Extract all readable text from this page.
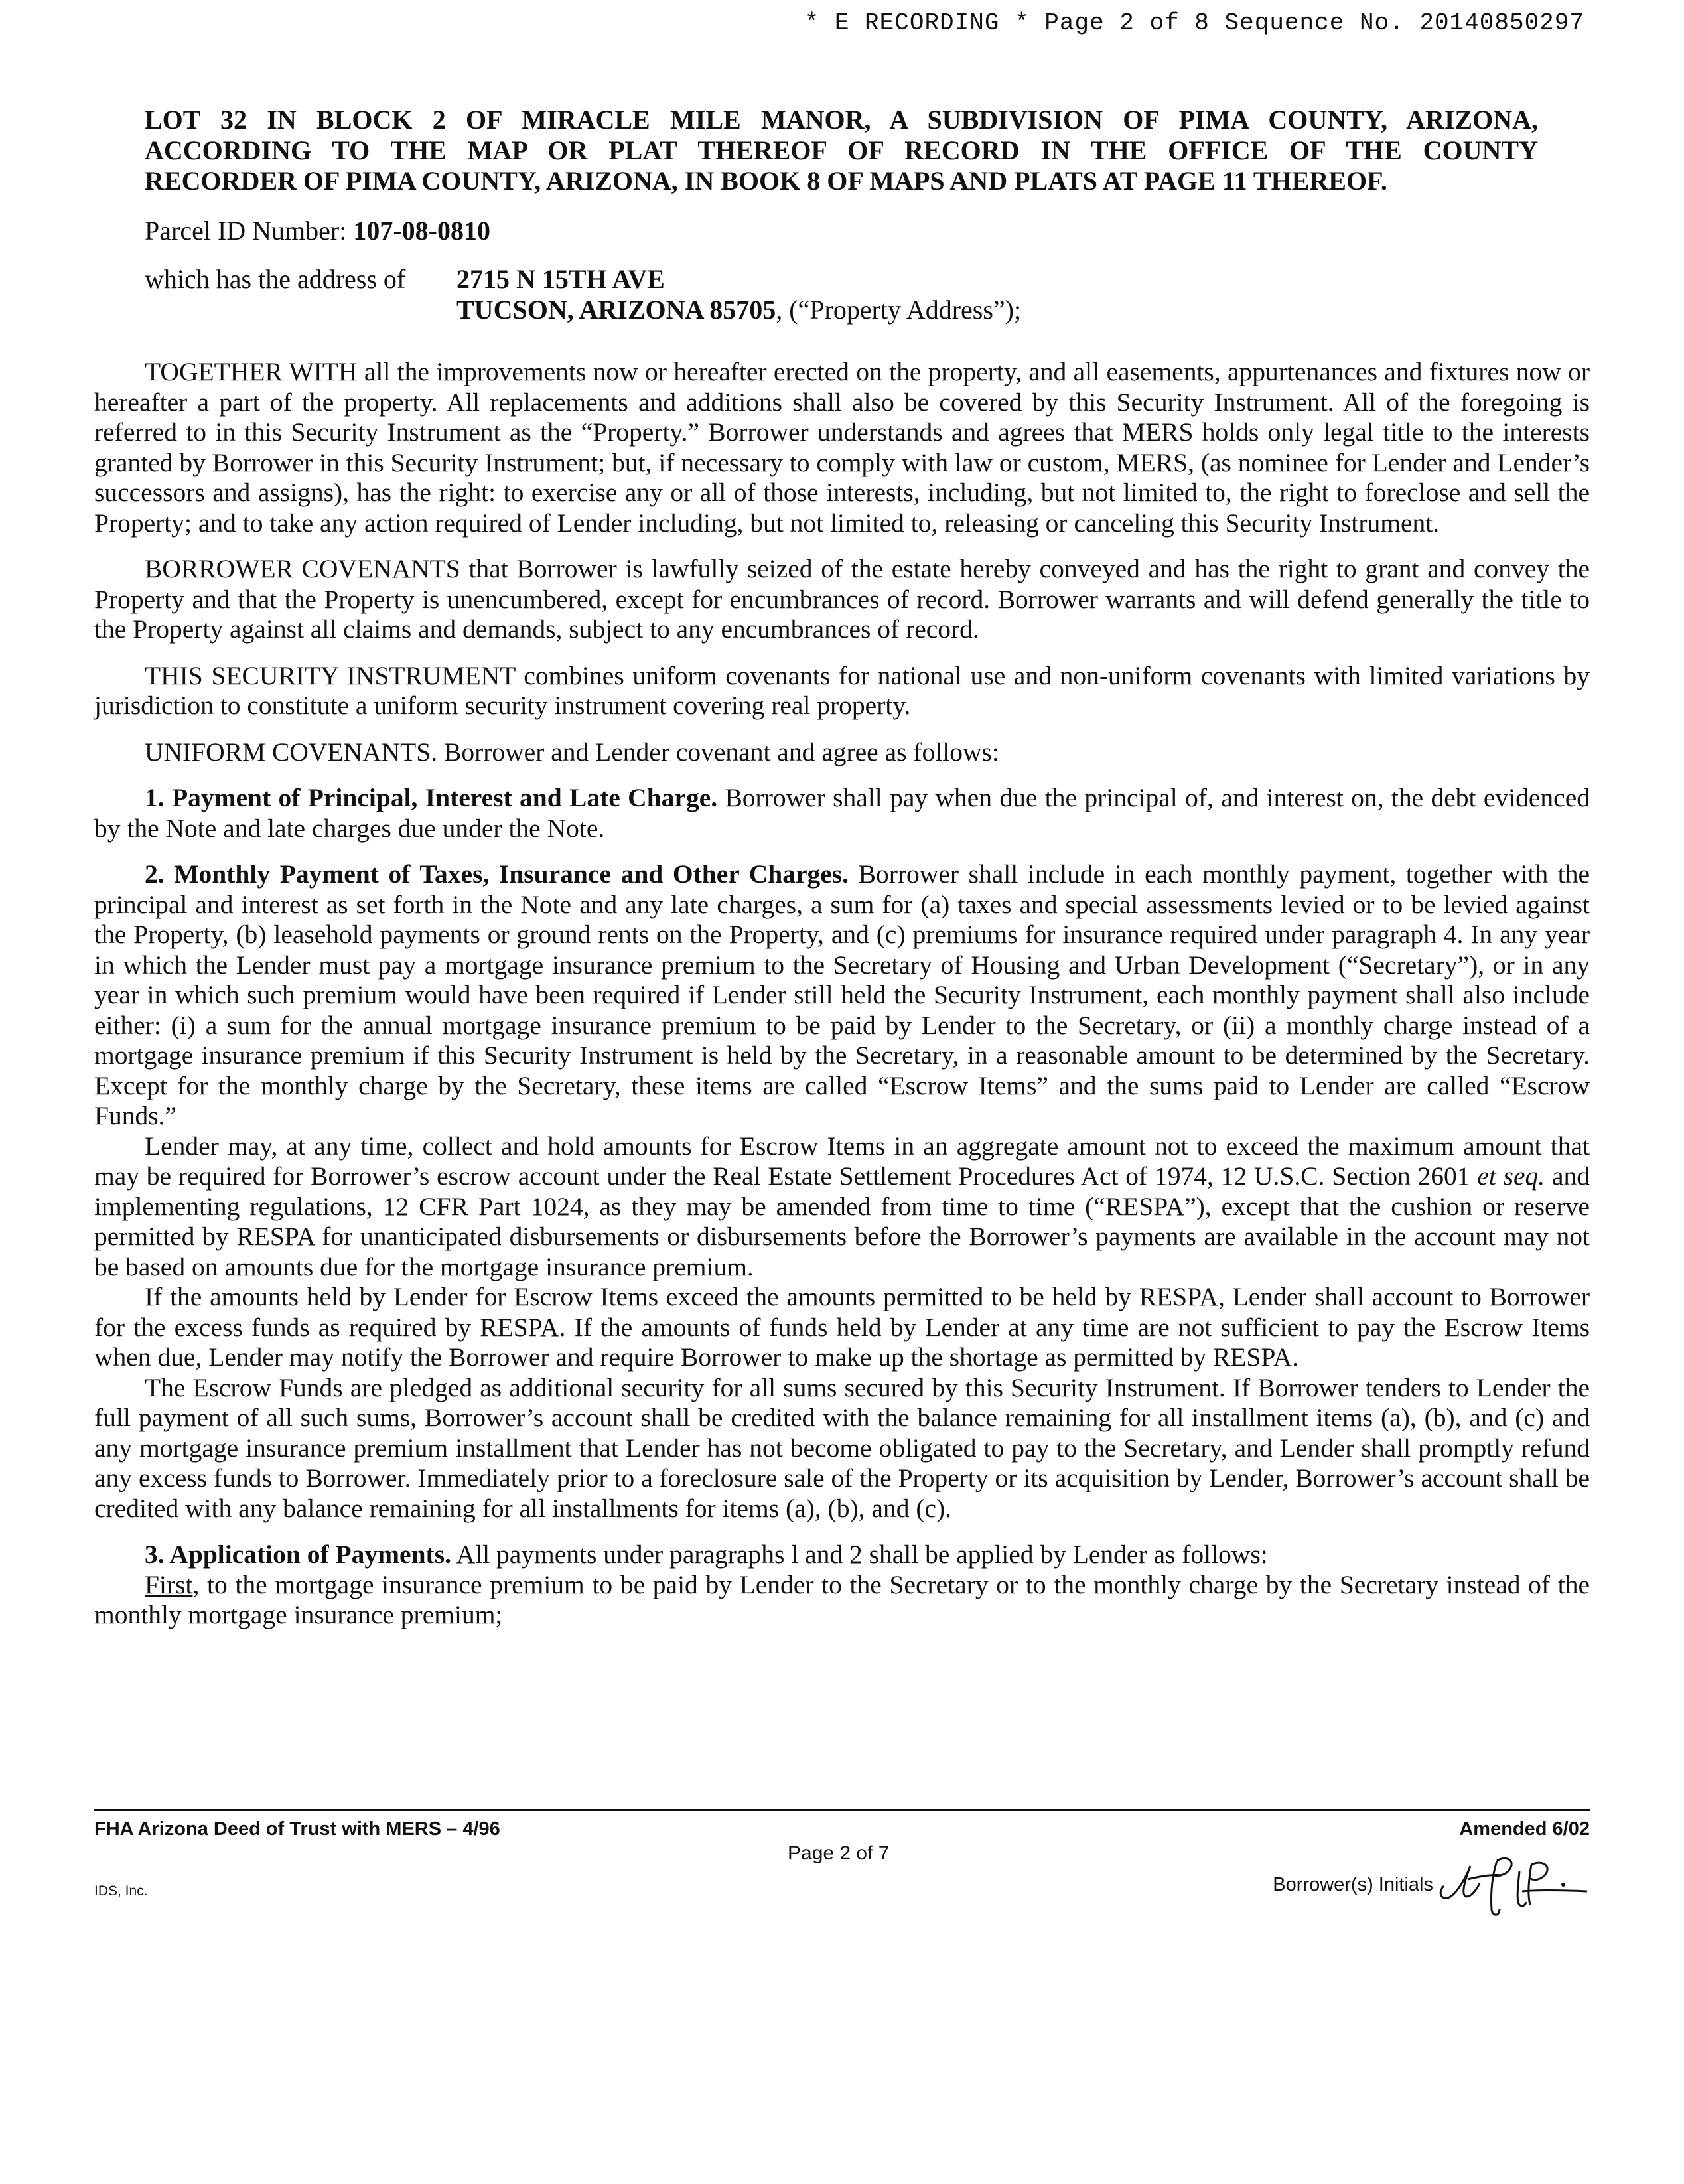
* E RECORDING * Page 2 of 8 Sequence No. 20140850297
LOT 32 IN BLOCK 2 OF MIRACLE MILE MANOR, A SUBDIVISION OF PIMA COUNTY, ARIZONA,
ACCORDING TO THE MAP OR PLAT THEREOF OF RECORD IN THE OFFICE OF THE COUNTY
RECORDER OF PIMA COUNTY, ARIZONA, IN BOOK 8 OF MAPS AND PLATS AT PAGE 11 THEREOF.
Parcel ID Number: 107-08-0810
which has the address of 2715 N 15TH AVE
TUCSON, ARIZONA 85705, (“Property Address”);

TOGETHER WITH all the improvements now or hereafter erected on the property, and all easements, appurtenances and fixtures now or hereafter a part of the property. All replacements and additions shall also be covered by this Security Instrument. All of the foregoing is referred to in this Security Instrument as the “Property.” Borrower understands and agrees that MERS holds only legal title to the interests granted by Borrower in this Security Instrument; but, if necessary to comply with law or custom, MERS, (as nominee for Lender and Lender’s successors and assigns), has the right: to exercise any or all of those interests, including, but not limited to, the right to foreclose and sell the Property; and to take any action required of Lender including, but not limited to, releasing or canceling this Security Instrument.

BORROWER COVENANTS that Borrower is lawfully seized of the estate hereby conveyed and has the right to grant and convey the Property and that the Property is unencumbered, except for encumbrances of record. Borrower warrants and will defend generally the title to the Property against all claims and demands, subject to any encumbrances of record.

THIS SECURITY INSTRUMENT combines uniform covenants for national use and non-uniform covenants with limited variations by jurisdiction to constitute a uniform security instrument covering real property.

UNIFORM COVENANTS. Borrower and Lender covenant and agree as follows:

1. Payment of Principal, Interest and Late Charge. Borrower shall pay when due the principal of, and interest on, the debt evidenced by the Note and late charges due under the Note.

2. Monthly Payment of Taxes, Insurance and Other Charges. Borrower shall include in each monthly payment, together with the principal and interest as set forth in the Note and any late charges, a sum for (a) taxes and special assessments levied or to be levied against the Property, (b) leasehold payments or ground rents on the Property, and (c) premiums for insurance required under paragraph 4. In any year in which the Lender must pay a mortgage insurance premium to the Secretary of Housing and Urban Development (“Secretary”), or in any year in which such premium would have been required if Lender still held the Security Instrument, each monthly payment shall also include either: (i) a sum for the annual mortgage insurance premium to be paid by Lender to the Secretary, or (ii) a monthly charge instead of a mortgage insurance premium if this Security Instrument is held by the Secretary, in a reasonable amount to be determined by the Secretary. Except for the monthly charge by the Secretary, these items are called “Escrow Items” and the sums paid to Lender are called “Escrow Funds.”

Lender may, at any time, collect and hold amounts for Escrow Items in an aggregate amount not to exceed the maximum amount that may be required for Borrower’s escrow account under the Real Estate Settlement Procedures Act of 1974, 12 U.S.C. Section 2601 et seq. and implementing regulations, 12 CFR Part 1024, as they may be amended from time to time (“RESPA”), except that the cushion or reserve permitted by RESPA for unanticipated disbursements or disbursements before the Borrower’s payments are available in the account may not be based on amounts due for the mortgage insurance premium.

If the amounts held by Lender for Escrow Items exceed the amounts permitted to be held by RESPA, Lender shall account to Borrower for the excess funds as required by RESPA. If the amounts of funds held by Lender at any time are not sufficient to pay the Escrow Items when due, Lender may notify the Borrower and require Borrower to make up the shortage as permitted by RESPA.

The Escrow Funds are pledged as additional security for all sums secured by this Security Instrument. If Borrower tenders to Lender the full payment of all such sums, Borrower’s account shall be credited with the balance remaining for all installment items (a), (b), and (c) and any mortgage insurance premium installment that Lender has not become obligated to pay to the Secretary, and Lender shall promptly refund any excess funds to Borrower. Immediately prior to a foreclosure sale of the Property or its acquisition by Lender, Borrower’s account shall be credited with any balance remaining for all installments for items (a), (b), and (c).

3. Application of Payments. All payments under paragraphs l and 2 shall be applied by Lender as follows:

First, to the mortgage insurance premium to be paid by Lender to the Secretary or to the monthly charge by the Secretary instead of the monthly mortgage insurance premium;

FHA Arizona Deed of Trust with MERS – 4/96
IDS, Inc.
Page 2 of 7
Amended 6/02
Borrower(s) Initials
